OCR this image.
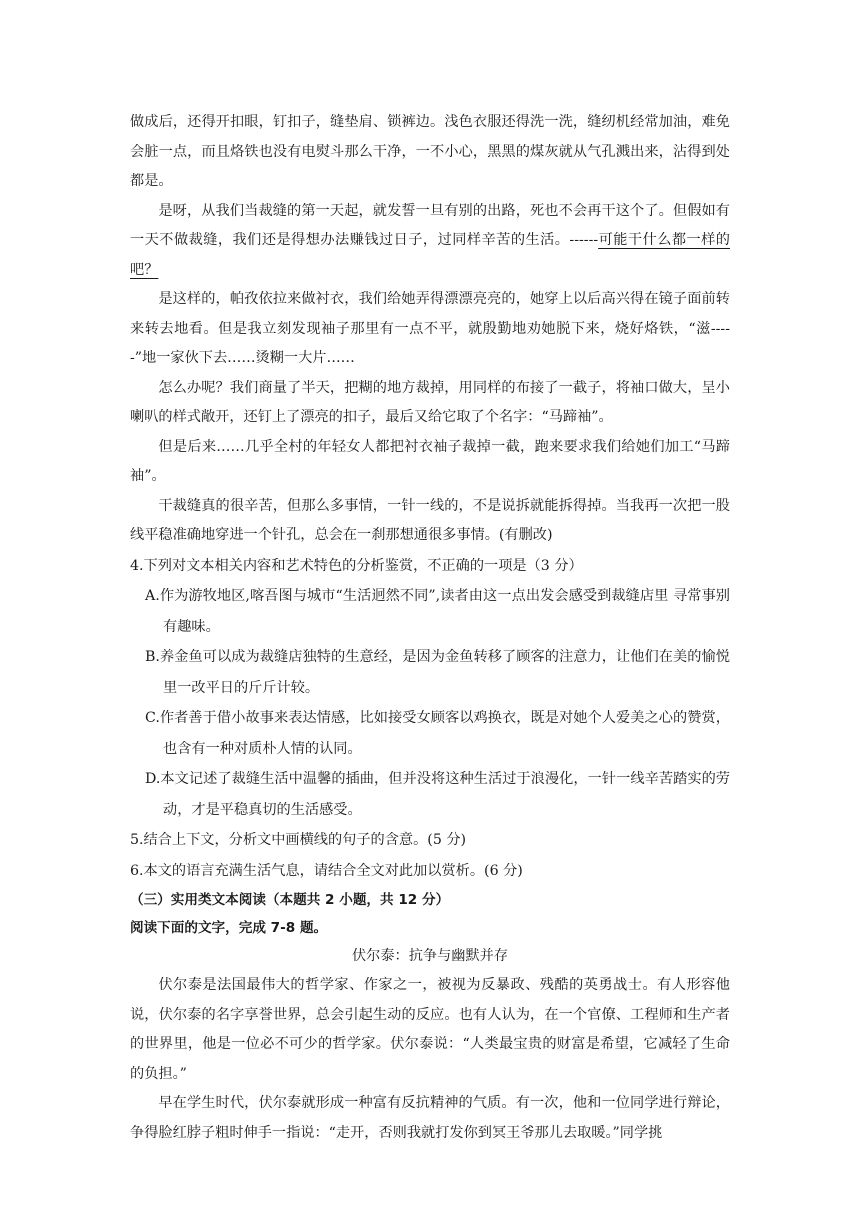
做成后，还得开扣眼，钉扣子，缝垫肩、锁裤边。浅色衣服还得洗一洗，缝纫机经常加油，难免会脏一点，而且烙铁也没有电熨斗那么干净，一不小心，黑黑的煤灰就从气孔溅出来，沾得到处都是。

是呀，从我们当裁缝的第一天起，就发誓一旦有别的出路，死也不会再干这个了。但假如有一天不做裁缝，我们还是得想办法赚钱过日子，过同样辛苦的生活。------可能干什么都一样的吧？

是这样的，帕孜依拉来做衬衣，我们给她弄得漂漂亮亮的，她穿上以后高兴得在镜子面前转来转去地看。但是我立刻发现袖子那里有一点不平，就殷勤地劝她脱下来，烧好烙铁，“滋-----”地一家伙下去……烫糊一大片……

怎么办呢？我们商量了半天，把糊的地方裁掉，用同样的布接了一截子，将袖口做大，呈小喇叭的样式敞开，还钉上了漂亮的扣子，最后又给它取了个名字：“马蹄袖”。

但是后来……几乎全村的年轻女人都把衬衣袖子裁掉一截，跑来要求我们给她们加工“马蹄袖”。

干裁缝真的很辛苦，但那么多事情，一针一线的，不是说拆就能拆得掉。当我再一次把一股线平稳准确地穿进一个针孔，总会在一刹那想通很多事情。(有删改)

4.下列对文本相关内容和艺术特色的分析鉴赏，不正确的一项是（3 分）

A.作为游牧地区,喀吾图与城市“生活迥然不同”,读者由这一点出发会感受到裁缝店里 寻常事别有趣味。

B.养金鱼可以成为裁缝店独特的生意经，是因为金鱼转移了顾客的注意力，让他们在美的愉悦里一改平日的斤斤计较。

C.作者善于借小故事来表达情感，比如接受女顾客以鸡换衣，既是对她个人爱美之心的赞赏，也含有一种对质朴人情的认同。

D.本文记述了裁缝生活中温馨的插曲，但并没将这种生活过于浪漫化，一针一线辛苦踏实的劳动，才是平稳真切的生活感受。

5.结合上下文，分析文中画横线的句子的含意。(5 分)

6.本文的语言充满生活气息，请结合全文对此加以赏析。(6 分)

（三）实用类文本阅读（本题共 2 小题，共 12 分）

阅读下面的文字，完成 7-8 题。

伏尔泰：抗争与幽默并存

伏尔泰是法国最伟大的哲学家、作家之一，被视为反暴政、残酷的英勇战士。有人形容他说，伏尔泰的名字享誉世界，总会引起生动的反应。也有人认为，在一个官僚、工程师和生产者的世界里，他是一位必不可少的哲学家。伏尔泰说：“人类最宝贵的财富是希望，它减轻了生命的负担。”

早在学生时代，伏尔泰就形成一种富有反抗精神的气质。有一次，他和一位同学进行辩论，争得脸红脖子粗时伸手一指说：“走开，否则我就打发你到冥王爷那儿去取暖。”同学挑
